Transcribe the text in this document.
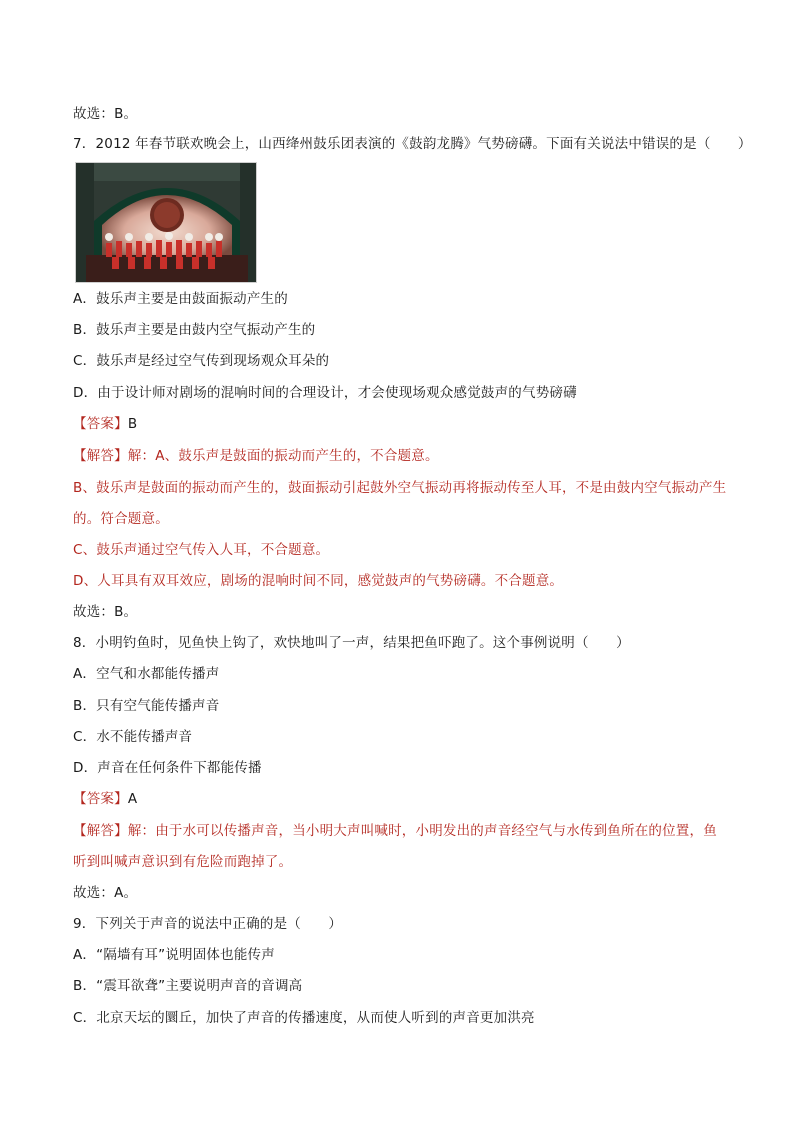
故选：B。
7．2012 年春节联欢晚会上，山西绛州鼓乐团表演的《鼓韵龙腾》气势磅礴。下面有关说法中错误的是（　　）
A．鼓乐声主要是由鼓面振动产生的
B．鼓乐声主要是由鼓内空气振动产生的
C．鼓乐声是经过空气传到现场观众耳朵的
D．由于设计师对剧场的混响时间的合理设计，才会使现场观众感觉鼓声的气势磅礴
【答案】B
【解答】解：A、鼓乐声是鼓面的振动而产生的，不合题意。
B、鼓乐声是鼓面的振动而产生的，鼓面振动引起鼓外空气振动再将振动传至人耳，不是由鼓内空气振动产生的。符合题意。
C、鼓乐声通过空气传入人耳，不合题意。
D、人耳具有双耳效应，剧场的混响时间不同，感觉鼓声的气势磅礴。不合题意。
故选：B。
8．小明钓鱼时，见鱼快上钩了，欢快地叫了一声，结果把鱼吓跑了。这个事例说明（　　）
A．空气和水都能传播声
B．只有空气能传播声音
C．水不能传播声音
D．声音在任何条件下都能传播
【答案】A
【解答】解：由于水可以传播声音，当小明大声叫喊时，小明发出的声音经空气与水传到鱼所在的位置，鱼听到叫喊声意识到有危险而跑掉了。
故选：A。
9．下列关于声音的说法中正确的是（　　）
A．“隔墙有耳”说明固体也能传声
B．“震耳欲聋”主要说明声音的音调高
C．北京天坛的圜丘，加快了声音的传播速度，从而使人听到的声音更加洪亮
